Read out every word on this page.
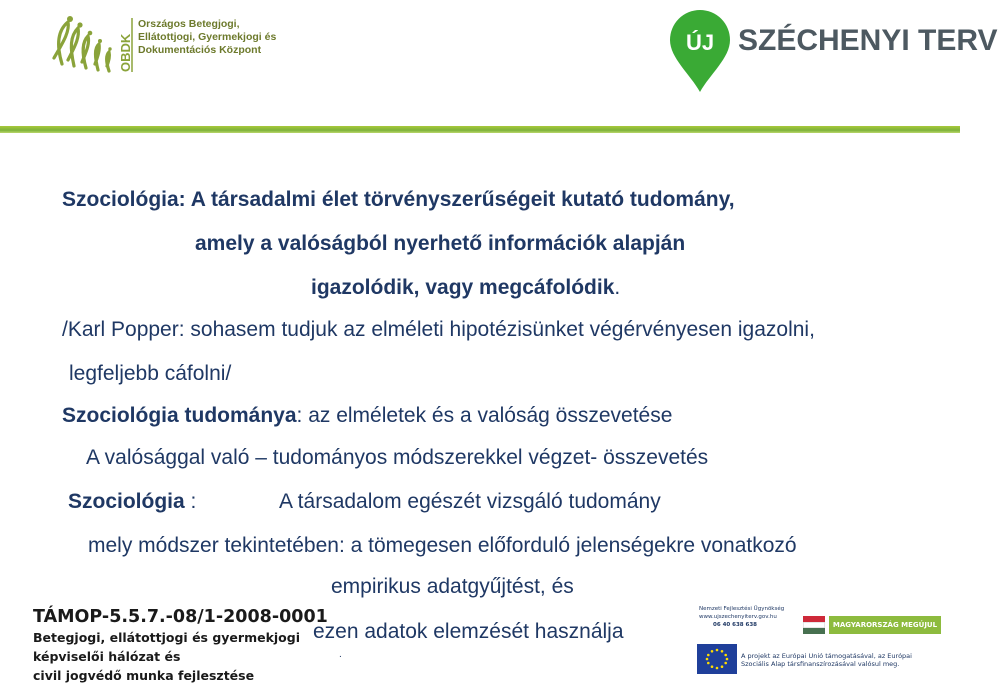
OBDK
Országos Betegjogi,
Ellátottjogi, Gyermekjogi és
Dokumentációs Központ	ÚJ SZÉCHENYI TERV
Szociológia: A társadalmi élet törvényszerűségeit kutató tudomány,
amely a valóságból nyerhető információk alapján
igazolódik, vagy megcáfolódik.
/Karl Popper: sohasem tudjuk az elméleti hipotézisünket végérvényesen igazolni,
legfeljebb cáfolni/
Szociológia tudománya: az elméletek és a valóság összevetése
A valósággal való – tudományos módszerekkel végzet- összevetés
Szociológia :	A társadalom egészét vizsgáló tudomány
mely módszer tekintetében: a tömegesen előforduló jelenségekre vonatkozó
empirikus adatgyűjtést, és
ezen adatok elemzését használja
.
TÁMOP-5.5.7.-08/1-2008-0001
Betegjogi, ellátottjogi és gyermekjogi
képviselői hálózat és
civil jogvédő munka fejlesztése
Nemzeti Fejlesztési Ügynökség
www.ujszechenyiterv.gov.hu
06 40 638 638	MAGYARORSZÁG MEGÚJUL
A projekt az Európai Unió támogatásával, az Európai
Szociális Alap társfinanszírozásával valósul meg.
